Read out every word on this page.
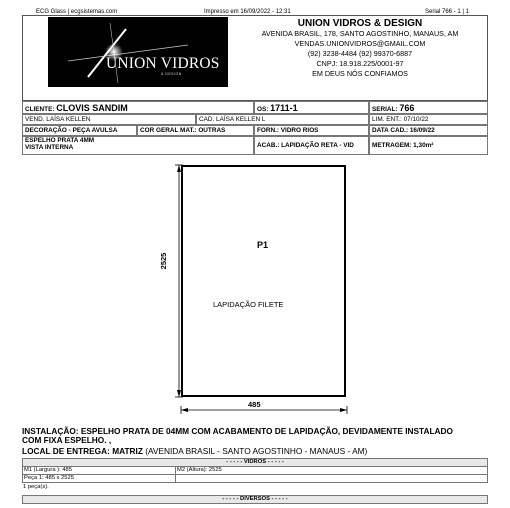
ECG Glass | ecgsistemas.com	Impresso em 16/09/2022 - 12:31	Serial 766 - 1 | 1
UNION VIDROS
& DESIGN
UNION VIDROS & DESIGN
AVENIDA BRASIL, 178, SANTO AGOSTINHO, MANAUS, AM
VENDAS.UNIONVIDROS@GMAIL.COM
(92) 3238-4484 (92) 99370-6887
CNPJ: 18.918.225/0001-97
EM DEUS NÓS CONFIAMOS
CLIENTE: CLOVIS SANDIM	OS: 1711-1	SERIAL: 766
VEND. LAÍSA KELLEN	CAD. LAÍSA KELLEN L	LIM. ENT.: 07/10/22
DECORAÇÃO - PEÇA AVULSA	COR GERAL MAT.: OUTRAS	FORN.: VIDRO RIOS	DATA CAD.: 16/09/22
ESPELHO PRATA 4MM
VISTA INTERNA	ACAB.: LAPIDAÇÃO RETA - VID	METRAGEM: 1,30m²
P1
LAPIDAÇÃO FILETE
2525
485
INSTALAÇÃO: ESPELHO PRATA DE 04MM COM ACABAMENTO DE LAPIDAÇÃO, DEVIDAMENTE INSTALADO
COM FIXA ESPELHO. ,
LOCAL DE ENTREGA: MATRIZ (AVENIDA BRASIL - SANTO AGOSTINHO - MANAUS - AM)
- - - - - VIDROS - - - - -
M1 (Largura ): 485	M2 (Altura): 2525
Peça 1: 485 x 2525
1 peça(s).
- - - - - DIVERSOS - - - - -
